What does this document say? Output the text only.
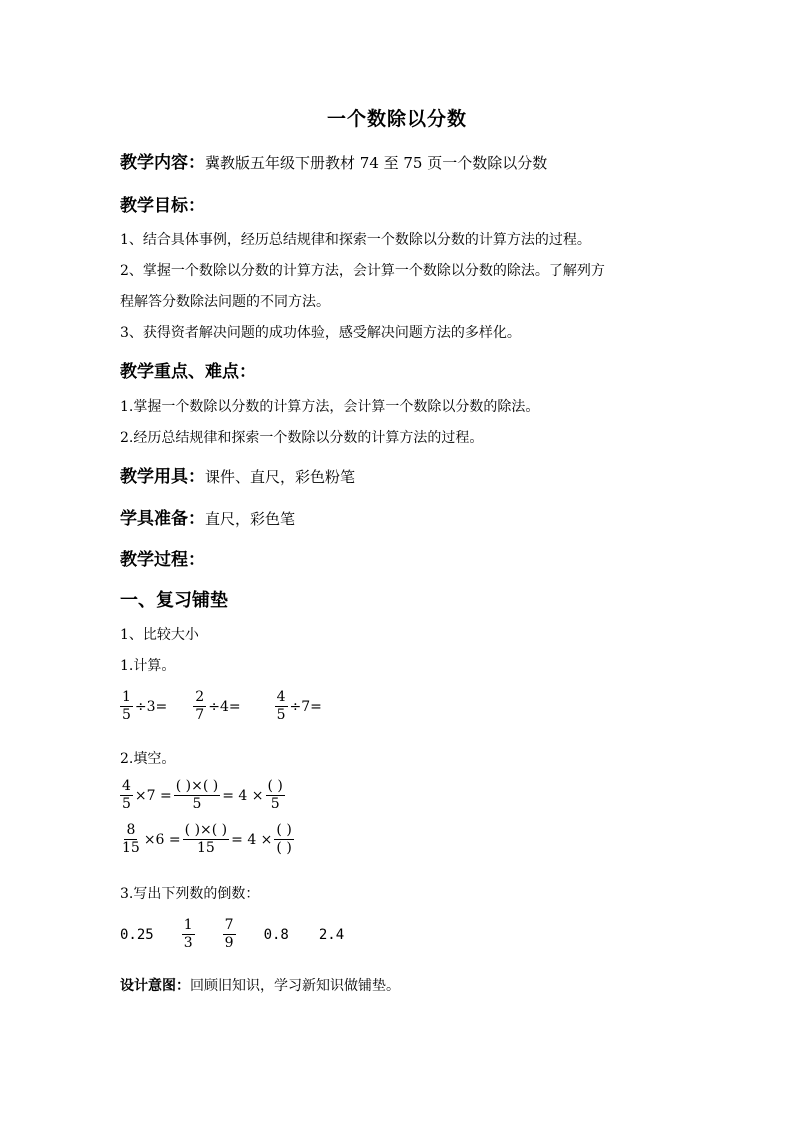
一个数除以分数
教学内容：冀教版五年级下册教材 74 至 75 页一个数除以分数
教学目标：
1、结合具体事例，经历总结规律和探索一个数除以分数的计算方法的过程。
2、掌握一个数除以分数的计算方法，会计算一个数除以分数的除法。了解列方
程解答分数除法问题的不同方法。
3、获得资者解决问题的成功体验，感受解决问题方法的多样化。
教学重点、难点：
1.掌握一个数除以分数的计算方法，会计算一个数除以分数的除法。
2.经历总结规律和探索一个数除以分数的计算方法的过程。
教学用具：课件、直尺，彩色粉笔
学具准备：直尺，彩色笔
教学过程：
一、复习铺垫
1、比较大小
1.计算。
$\frac{1}{5} \div 3= \frac{2}{7} \div 4= \frac{4}{5} \div 7=$
2.填空。
$\frac{4}{5} \times 7 = \frac{( )\times( )}{5} = 4 \times \frac{( )}{5}$
$\frac{8}{15} \times 6 = \frac{( )\times( )}{15} = 4 \times \frac{( )}{( )}$
3.写出下列数的倒数：
$0.25 \frac{1}{3} \frac{7}{9} 0.8$ 2.4
设计意图：回顾旧知识，学习新知识做铺垫。
